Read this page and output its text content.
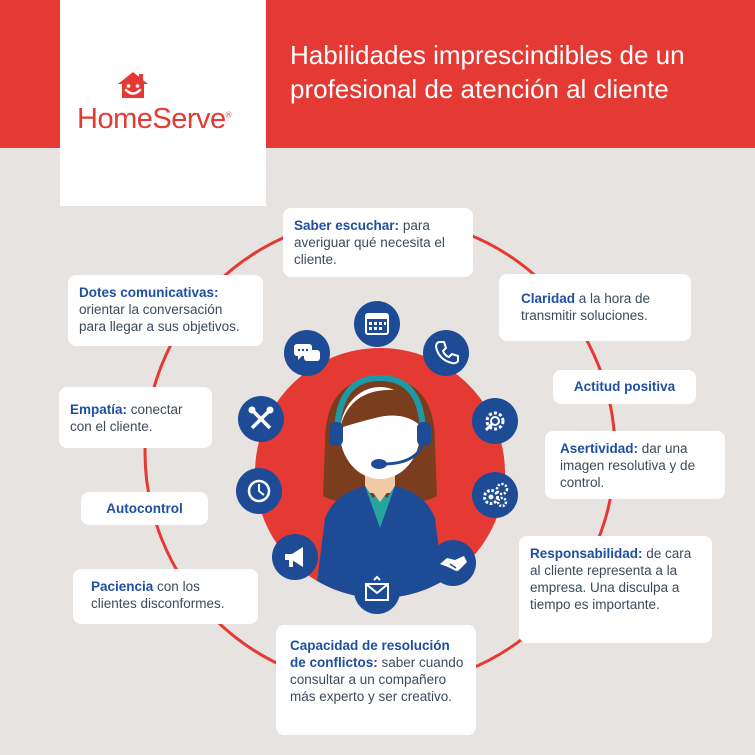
HomeServe®
Habilidades imprescindibles de un
profesional de atención al cliente
Saber escuchar: para averiguar qué necesita el cliente.
Claridad a la hora de transmitir soluciones.
Actitud positiva
Asertividad: dar una imagen resolutiva y de control.
Responsabilidad: de cara al cliente representa a la empresa. Una disculpa a tiempo es importante.
Capacidad de resolución de conflictos: saber cuando consultar a un compañero más experto y ser creativo.
Paciencia con los clientes disconformes.
Autocontrol
Empatía: conectar con el cliente.
Dotes comunicativas: orientar la conversación para llegar a sus objetivos.
